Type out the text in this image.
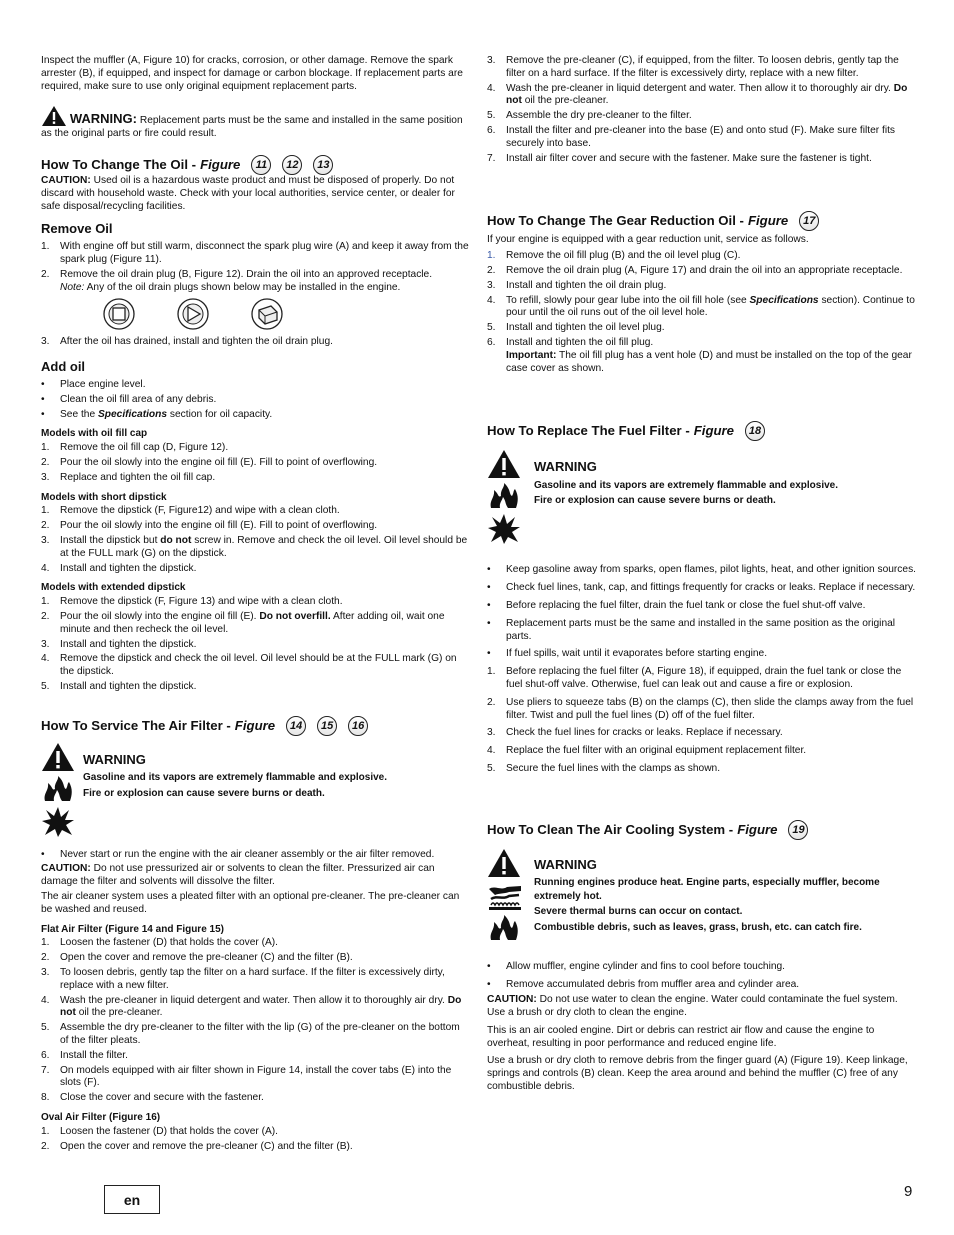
Inspect the muffler (A, Figure 10) for cracks, corrosion, or other damage. Remove the spark arrester (B), if equipped, and inspect for damage or carbon blockage. If replacement parts are required, make sure to use only original equipment replacement parts.

WARNING: Replacement parts must be the same and installed in the same position as the original parts or fire could result.

How To Change The Oil - Figure	11	12	13

CAUTION: Used oil is a hazardous waste product and must be disposed of properly. Do not discard with household waste. Check with your local authorities, service center, or dealer for safe disposal/recycling facilities.

Remove Oil
1.	With engine off but still warm, disconnect the spark plug wire (A) and keep it away from the spark plug (Figure 11).
2.	Remove the oil drain plug (B, Figure 12). Drain the oil into an approved receptacle.
Note: Any of the oil drain plugs shown below may be installed in the engine.
3.	After the oil has drained, install and tighten the oil drain plug.
Add oil
•	Place engine level.
•	Clean the oil fill area of any debris.
•	See the Specifications section for oil capacity.
Models with oil fill cap
1.	Remove the oil fill cap (D, Figure 12).
2.	Pour the oil slowly into the engine oil fill (E). Fill to point of overflowing.
3.	Replace and tighten the oil fill cap.
Models with short dipstick
1.	Remove the dipstick (F, Figure12) and wipe with a clean cloth.
2.	Pour the oil slowly into the engine oil fill (E). Fill to point of overflowing.
3.	Install the dipstick but do not screw in. Remove and check the oil level. Oil level should be at the FULL mark (G) on the dipstick.
4.	Install and tighten the dipstick.
Models with extended dipstick
1.	Remove the dipstick (F, Figure 13) and wipe with a clean cloth.
2.	Pour the oil slowly into the engine oil fill (E). Do not overfill. After adding oil, wait one minute and then recheck the oil level.
3.	Install and tighten the dipstick.
4.	Remove the dipstick and check the oil level. Oil level should be at the FULL mark (G) on the dipstick.
5.	Install and tighten the dipstick.
How To Service The Air Filter - Figure	14	15	16
WARNING
Gasoline and its vapors are extremely flammable and explosive.
Fire or explosion can cause severe burns or death.
•	Never start or run the engine with the air cleaner assembly or the air filter removed.

CAUTION: Do not use pressurized air or solvents to clean the filter. Pressurized air can damage the filter and solvents will dissolve the filter.

The air cleaner system uses a pleated filter with an optional pre-cleaner. The pre-cleaner can be washed and reused.

Flat Air Filter (Figure 14 and Figure 15)
1.	Loosen the fastener (D) that holds the cover (A).
2.	Open the cover and remove the pre-cleaner (C) and the filter (B).
3.	To loosen debris, gently tap the filter on a hard surface. If the filter is excessively dirty, replace with a new filter.
4.	Wash the pre-cleaner in liquid detergent and water. Then allow it to thoroughly air dry. Do not oil the pre-cleaner.
5.	Assemble the dry pre-cleaner to the filter with the lip (G) of the pre-cleaner on the bottom of the filter pleats.
6.	Install the filter.
7.	On models equipped with air filter shown in Figure 14, install the cover tabs (E) into the slots (F).
8.	Close the cover and secure with the fastener.
Oval Air Filter (Figure 16)
1.	Loosen the fastener (D) that holds the cover (A).
2.	Open the cover and remove the pre-cleaner (C) and the filter (B).
3.	Remove the pre-cleaner (C), if equipped, from the filter. To loosen debris, gently tap the filter on a hard surface. If the filter is excessively dirty, replace with a new filter.
4.	Wash the pre-cleaner in liquid detergent and water. Then allow it to thoroughly air dry. Do not oil the pre-cleaner.
5.	Assemble the dry pre-cleaner to the filter.
6.	Install the filter and pre-cleaner into the base (E) and onto stud (F). Make sure filter fits securely into base.
7.	Install air filter cover and secure with the fastener. Make sure the fastener is tight.
How To Change The Gear Reduction Oil - Figure	17

If your engine is equipped with a gear reduction unit, service as follows.

1.	Remove the oil fill plug (B) and the oil level plug (C).
2.	Remove the oil drain plug (A, Figure 17) and drain the oil into an appropriate receptacle.
3.	Install and tighten the oil drain plug.
4.	To refill, slowly pour gear lube into the oil fill hole (see Specifications section). Continue to pour until the oil runs out of the oil level hole.
5.	Install and tighten the oil level plug.
6.	Install and tighten the oil fill plug.
Important: The oil fill plug has a vent hole (D) and must be installed on the top of the gear case cover as shown.
How To Replace The Fuel Filter - Figure	18
WARNING
Gasoline and its vapors are extremely flammable and explosive.
Fire or explosion can cause severe burns or death.
•	Keep gasoline away from sparks, open flames, pilot lights, heat, and other ignition sources.
•	Check fuel lines, tank, cap, and fittings frequently for cracks or leaks. Replace if necessary.
•	Before replacing the fuel filter, drain the fuel tank or close the fuel shut-off valve.
•	Replacement parts must be the same and installed in the same position as the original parts.
•	If fuel spills, wait until it evaporates before starting engine.
1.	Before replacing the fuel filter (A, Figure 18), if equipped, drain the fuel tank or close the fuel shut-off valve. Otherwise, fuel can leak out and cause a fire or explosion.
2.	Use pliers to squeeze tabs (B) on the clamps (C), then slide the clamps away from the fuel filter. Twist and pull the fuel lines (D) off of the fuel filter.
3.	Check the fuel lines for cracks or leaks. Replace if necessary.
4.	Replace the fuel filter with an original equipment replacement filter.
5.	Secure the fuel lines with the clamps as shown.
How To Clean The Air Cooling System - Figure	19
WARNING
Running engines produce heat. Engine parts, especially muffler, become extremely hot.
Severe thermal burns can occur on contact.
Combustible debris, such as leaves, grass, brush, etc. can catch fire.
•	Allow muffler, engine cylinder and fins to cool before touching.
•	Remove accumulated debris from muffler area and cylinder area.

CAUTION: Do not use water to clean the engine. Water could contaminate the fuel system. Use a brush or dry cloth to clean the engine.

This is an air cooled engine. Dirt or debris can restrict air flow and cause the engine to overheat, resulting in poor performance and reduced engine life.

Use a brush or dry cloth to remove debris from the finger guard (A) (Figure 19). Keep linkage, springs and controls (B) clean. Keep the area around and behind the muffler (C) free of any combustible debris.

en	9
